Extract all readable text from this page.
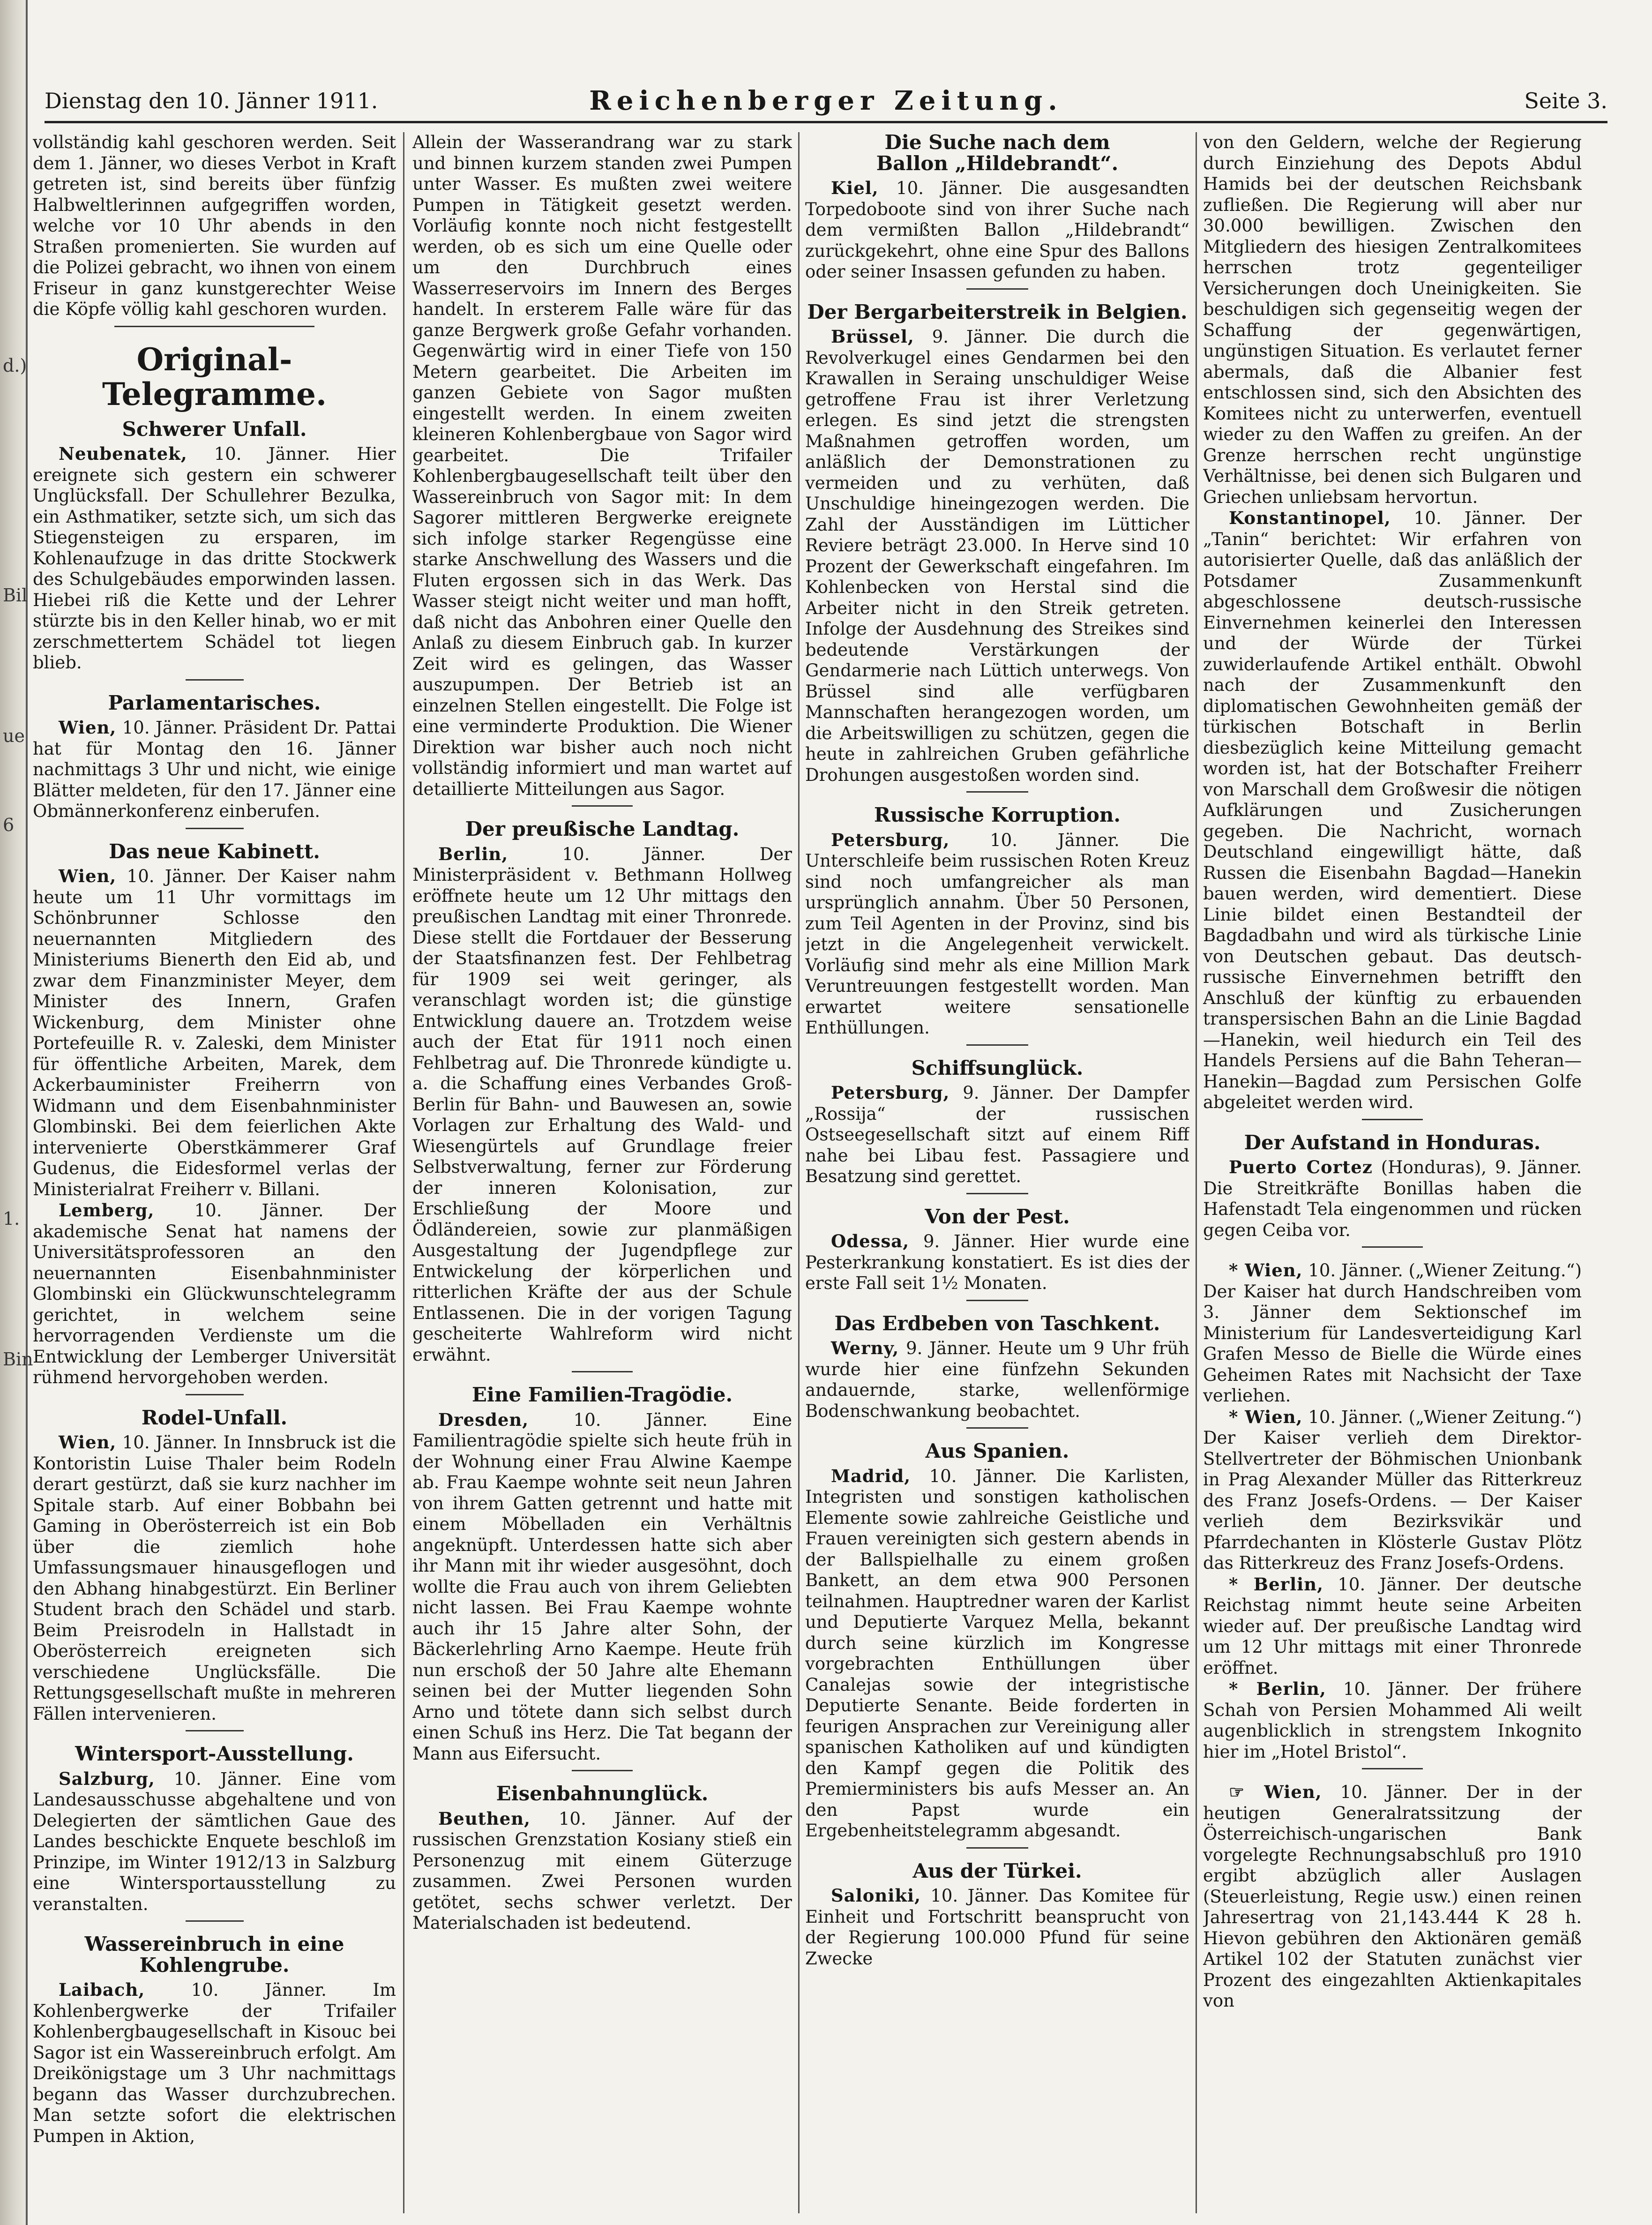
d.)
Bil
ue
6
1.
Bin
Dienstag den 10. Jänner 1911.	Reichenberger Zeitung.	Seite 3.

vollständig kahl geschoren werden. Seit dem 1. Jänner, wo dieses Verbot in Kraft getreten ist, sind bereits über fünfzig Halbweltlerinnen aufgegriffen worden, welche vor 10 Uhr abends in den Straßen promenierten. Sie wurden auf die Polizei gebracht, wo ihnen von einem Friseur in ganz kunstgerechter Weise die Köpfe völlig kahl geschoren wurden.

Original-Telegramme.
Schwerer Unfall.

Neubenatek, 10. Jänner. Hier ereignete sich gestern ein schwerer Unglücksfall. Der Schullehrer Bezulka, ein Asthmatiker, setzte sich, um sich das Stiegensteigen zu ersparen, im Kohlenaufzuge in das dritte Stockwerk des Schulgebäudes emporwinden lassen. Hiebei riß die Kette und der Lehrer stürzte bis in den Keller hinab, wo er mit zerschmettertem Schädel tot liegen blieb.

Parlamentarisches.

Wien, 10. Jänner. Präsident Dr. Pattai hat für Montag den 16. Jänner nachmittags 3 Uhr und nicht, wie einige Blätter meldeten, für den 17. Jänner eine Obmännerkonferenz einberufen.

Das neue Kabinett.

Wien, 10. Jänner. Der Kaiser nahm heute um 11 Uhr vormittags im Schönbrunner Schlosse den neuernannten Mitgliedern des Ministeriums Bienerth den Eid ab, und zwar dem Finanzminister Meyer, dem Minister des Innern, Grafen Wickenburg, dem Minister ohne Portefeuille R. v. Zaleski, dem Minister für öffentliche Arbeiten, Marek, dem Ackerbauminister Freiherrn von Widmann und dem Eisenbahnminister Glombinski. Bei dem feierlichen Akte intervenierte Oberstkämmerer Graf Gudenus, die Eidesformel verlas der Ministerialrat Freiherr v. Billani.

Lemberg, 10. Jänner. Der akademische Senat hat namens der Universitätsprofessoren an den neuernannten Eisenbahnminister Glombinski ein Glückwunschtelegramm gerichtet, in welchem seine hervorragenden Verdienste um die Entwicklung der Lemberger Universität rühmend hervorgehoben werden.

Rodel-Unfall.

Wien, 10. Jänner. In Innsbruck ist die Kontoristin Luise Thaler beim Rodeln derart gestürzt, daß sie kurz nachher im Spitale starb. Auf einer Bobbahn bei Gaming in Oberösterreich ist ein Bob über die ziemlich hohe Umfassungsmauer hinausgeflogen und den Abhang hinabgestürzt. Ein Berliner Student brach den Schädel und starb. Beim Preisrodeln in Hallstadt in Oberösterreich ereigneten sich verschiedene Unglücksfälle. Die Rettungsgesellschaft mußte in mehreren Fällen intervenieren.

Wintersport-Ausstellung.

Salzburg, 10. Jänner. Eine vom Landesausschusse abgehaltene und von Delegierten der sämtlichen Gaue des Landes beschickte Enquete beschloß im Prinzipe, im Winter 1912/13 in Salzburg eine Wintersportausstellung zu veranstalten.

Wassereinbruch in eine Kohlengrube.

Laibach,	10. Jänner. Im Kohlenbergwerke der Trifailer Kohlenbergbaugesellschaft in Kisouc bei Sagor ist ein Wassereinbruch erfolgt. Am Dreikönigstage um 3 Uhr nachmittags begann das Wasser durchzubrechen. Man setzte sofort die elektrischen Pumpen in Aktion,

Allein der Wasserandrang war zu stark und binnen kurzem standen zwei Pumpen unter Wasser. Es mußten zwei weitere Pumpen in Tätigkeit gesetzt werden. Vorläufig konnte noch nicht festgestellt werden, ob es sich um eine Quelle oder um den Durchbruch eines Wasserreservoirs im Innern des Berges handelt. In ersterem Falle wäre für das ganze Bergwerk große Gefahr vorhanden. Gegenwärtig wird in einer Tiefe von 150 Metern gearbeitet. Die Arbeiten im ganzen Gebiete von Sagor mußten eingestellt werden. In einem zweiten kleineren Kohlenbergbaue von Sagor wird gearbeitet. Die Trifailer Kohlenbergbaugesellschaft teilt über den Wassereinbruch von Sagor mit: In dem Sagorer mittleren Bergwerke ereignete sich infolge starker Regengüsse eine starke Anschwellung des Wassers und die Fluten ergossen sich in das Werk. Das Wasser steigt nicht weiter und man hofft, daß nicht das Anbohren einer Quelle den Anlaß zu diesem Einbruch gab. In kurzer Zeit wird es gelingen, das Wasser auszupumpen. Der Betrieb ist an einzelnen Stellen eingestellt. Die Folge ist eine verminderte Produktion. Die Wiener Direktion war bisher auch noch nicht vollständig informiert und man wartet auf detaillierte Mitteilungen aus Sagor.

Der preußische Landtag.

Berlin,	10. Jänner. Der Ministerpräsident v. Bethmann Hollweg eröffnete heute um 12 Uhr mittags den preußischen Landtag mit einer Thronrede. Diese stellt die Fortdauer der Besserung der Staatsfinanzen fest. Der Fehlbetrag für 1909 sei weit geringer, als veranschlagt worden ist; die günstige Entwicklung dauere an. Trotzdem weise auch der Etat für 1911 noch einen Fehlbetrag auf. Die Thronrede kündigte u. a. die Schaffung eines Verbandes Groß-Berlin für Bahn- und Bauwesen an, sowie Vorlagen zur Erhaltung des Wald- und Wiesengürtels auf Grundlage freier Selbstverwaltung, ferner zur Förderung der inneren Kolonisation, zur Erschließung der Moore und Ödländereien, sowie zur planmäßigen Ausgestaltung der Jugendpflege zur Entwickelung der körperlichen und ritterlichen Kräfte der aus der Schule Entlassenen. Die in der vorigen Tagung gescheiterte Wahlreform wird nicht erwähnt.

Eine Familien-Tragödie.

Dresden,	10. Jänner. Eine Familientragödie spielte sich heute früh in der Wohnung einer Frau Alwine Kaempe ab. Frau Kaempe wohnte seit neun Jahren von ihrem Gatten getrennt und hatte mit einem Möbelladen ein Verhältnis angeknüpft. Unterdessen hatte sich aber ihr Mann mit ihr wieder ausgesöhnt, doch wollte die Frau auch von ihrem Geliebten nicht lassen. Bei Frau Kaempe wohnte auch ihr 15 Jahre alter Sohn, der Bäckerlehrling Arno Kaempe. Heute früh nun erschoß der 50 Jahre alte Ehemann seinen bei der Mutter liegenden Sohn Arno und tötete dann sich selbst durch einen Schuß ins Herz. Die Tat begann der Mann aus Eifersucht.

Eisenbahnunglück.

Beuthen, 10. Jänner. Auf der russischen Grenzstation Kosiany stieß ein Personenzug mit einem Güterzuge zusammen. Zwei Personen wurden getötet, sechs schwer verletzt. Der Materialschaden ist bedeutend.

Die Suche nach dem
Ballon „Hildebrandt“.

Kiel, 10. Jänner. Die ausgesandten Torpedoboote sind von ihrer Suche nach dem vermißten Ballon „Hildebrandt“ zurückgekehrt, ohne eine Spur des Ballons oder seiner Insassen gefunden zu haben.

Der Bergarbeiterstreik in Belgien.

Brüssel, 9. Jänner. Die durch die Revolverkugel eines Gendarmen bei den Krawallen in Seraing unschuldiger Weise getroffene Frau ist ihrer Verletzung erlegen. Es sind jetzt die strengsten Maßnahmen getroffen worden, um anläßlich der Demonstrationen zu vermeiden und zu verhüten, daß Unschuldige hineingezogen werden. Die Zahl der Ausständigen im Lütticher Reviere beträgt 23.000. In Herve sind 10 Prozent der Gewerkschaft eingefahren. Im Kohlenbecken von Herstal sind die Arbeiter nicht in den Streik getreten. Infolge der Ausdehnung des Streikes sind bedeutende Verstärkungen der Gendarmerie nach Lüttich unterwegs. Von Brüssel sind alle verfügbaren Mannschaften herangezogen worden, um die Arbeitswilligen zu schützen, gegen die heute in zahlreichen Gruben gefährliche Drohungen ausgestoßen worden sind.

Russische Korruption.

Petersburg, 10. Jänner. Die Unterschleife beim russischen Roten Kreuz sind noch umfangreicher als man ursprünglich annahm. Über 50 Personen, zum Teil Agenten in der Provinz, sind bis jetzt in die Angelegenheit verwickelt. Vorläufig sind mehr als eine Million Mark Veruntreuungen festgestellt worden. Man erwartet weitere sensationelle Enthüllungen.

Schiffsunglück.

Petersburg, 9. Jänner. Der Dampfer „Rossija“ der russischen Ostseegesellschaft sitzt auf einem Riff nahe bei Libau fest. Passagiere und Besatzung sind gerettet.

Von der Pest.

Odessa, 9. Jänner. Hier wurde eine Pesterkrankung konstatiert. Es ist dies der erste Fall seit 1½ Monaten.

Das Erdbeben von Taschkent.

Werny, 9. Jänner. Heute um 9 Uhr früh wurde hier eine fünfzehn Sekunden andauernde, starke, wellenförmige Bodenschwankung beobachtet.

Aus Spanien.

Madrid, 10. Jänner. Die Karlisten, Integristen und sonstigen katholischen Elemente sowie zahlreiche Geistliche und Frauen vereinigten sich gestern abends in der Ballspielhalle zu einem großen Bankett, an dem etwa 900 Personen teilnahmen. Hauptredner waren der Karlist und Deputierte Varquez Mella, bekannt durch seine kürzlich im Kongresse vorgebrachten Enthüllungen über Canalejas sowie der integristische Deputierte Senante. Beide forderten in feurigen Ansprachen zur Vereinigung aller spanischen Katholiken auf und kündigten den Kampf gegen die Politik des Premierministers bis aufs Messer an. An den Papst wurde ein Ergebenheitstelegramm abgesandt.

Aus der Türkei.

Saloniki, 10. Jänner. Das Komitee für Einheit und Fortschritt beansprucht von der Regierung 100.000 Pfund für seine Zwecke

von den Geldern, welche der Regierung durch Einziehung des Depots Abdul Hamids bei der deutschen Reichsbank zufließen. Die Regierung will aber nur 30.000 bewilligen. Zwischen den Mitgliedern des hiesigen Zentralkomitees herrschen trotz gegenteiliger Versicherungen doch Uneinigkeiten. Sie beschuldigen sich gegenseitig wegen der Schaffung der gegenwärtigen, ungünstigen Situation. Es verlautet ferner abermals, daß die Albanier fest entschlossen sind, sich den Absichten des Komitees nicht zu unterwerfen, eventuell wieder zu den Waffen zu greifen. An der Grenze herrschen recht ungünstige Verhältnisse, bei denen sich Bulgaren und Griechen unliebsam hervortun.

Konstantinopel, 10. Jänner. Der „Tanin“ berichtet: Wir erfahren von autorisierter Quelle, daß das anläßlich der Potsdamer Zusammenkunft abgeschlossene deutsch-russische Einvernehmen keinerlei den Interessen und der Würde der Türkei zuwiderlaufende Artikel enthält. Obwohl nach der Zusammenkunft den diplomatischen Gewohnheiten gemäß der türkischen Botschaft in Berlin diesbezüglich keine Mitteilung gemacht worden ist, hat der Botschafter Freiherr von Marschall dem Großwesir die nötigen Aufklärungen und Zusicherungen gegeben. Die Nachricht, wornach Deutschland eingewilligt hätte, daß Russen die Eisenbahn Bagdad—Hanekin bauen werden, wird dementiert. Diese Linie bildet einen Bestandteil der Bagdadbahn und wird als türkische Linie von Deutschen gebaut. Das deutsch-russische Einvernehmen betrifft den Anschluß der künftig zu erbauenden transpersischen Bahn an die Linie Bagdad—Hanekin, weil hiedurch ein Teil des Handels Persiens auf die Bahn Teheran—Hanekin—Bagdad zum Persischen Golfe abgeleitet werden wird.

Der Aufstand in Honduras.

Puerto Cortez (Honduras), 9. Jänner. Die Streitkräfte Bonillas haben die Hafenstadt Tela eingenommen und rücken gegen Ceiba vor.

* Wien, 10. Jänner. („Wiener Zeitung.“) Der Kaiser hat durch Handschreiben vom 3. Jänner dem Sektionschef im Ministerium für Landesverteidigung Karl Grafen Messo de Bielle die Würde eines Geheimen Rates mit Nachsicht der Taxe verliehen.

* Wien, 10. Jänner. („Wiener Zeitung.“) Der Kaiser verlieh dem Direktor-Stellvertreter der Böhmischen Unionbank in Prag Alexander Müller das Ritterkreuz des Franz Josefs-Ordens. — Der Kaiser verlieh dem Bezirksvikär und Pfarrdechanten in Klösterle Gustav Plötz das Ritterkreuz des Franz Josefs-Ordens.

* Berlin, 10. Jänner. Der deutsche Reichstag nimmt heute seine Arbeiten wieder auf. Der preußische Landtag wird um 12 Uhr mittags mit einer Thronrede eröffnet.

* Berlin, 10. Jänner. Der frühere Schah von Persien Mohammed Ali weilt augenblicklich in strengstem Inkognito hier im „Hotel Bristol“.

☞ Wien, 10. Jänner. Der in der heutigen Generalratssitzung der Österreichisch-ungarischen Bank vorgelegte Rechnungsabschluß pro 1910 ergibt abzüglich aller Auslagen (Steuerleistung, Regie usw.) einen reinen Jahresertrag von 21,143.444 K 28 h. Hievon gebühren den Aktionären gemäß Artikel 102 der Statuten zunächst vier Prozent des eingezahlten Aktienkapitales von
